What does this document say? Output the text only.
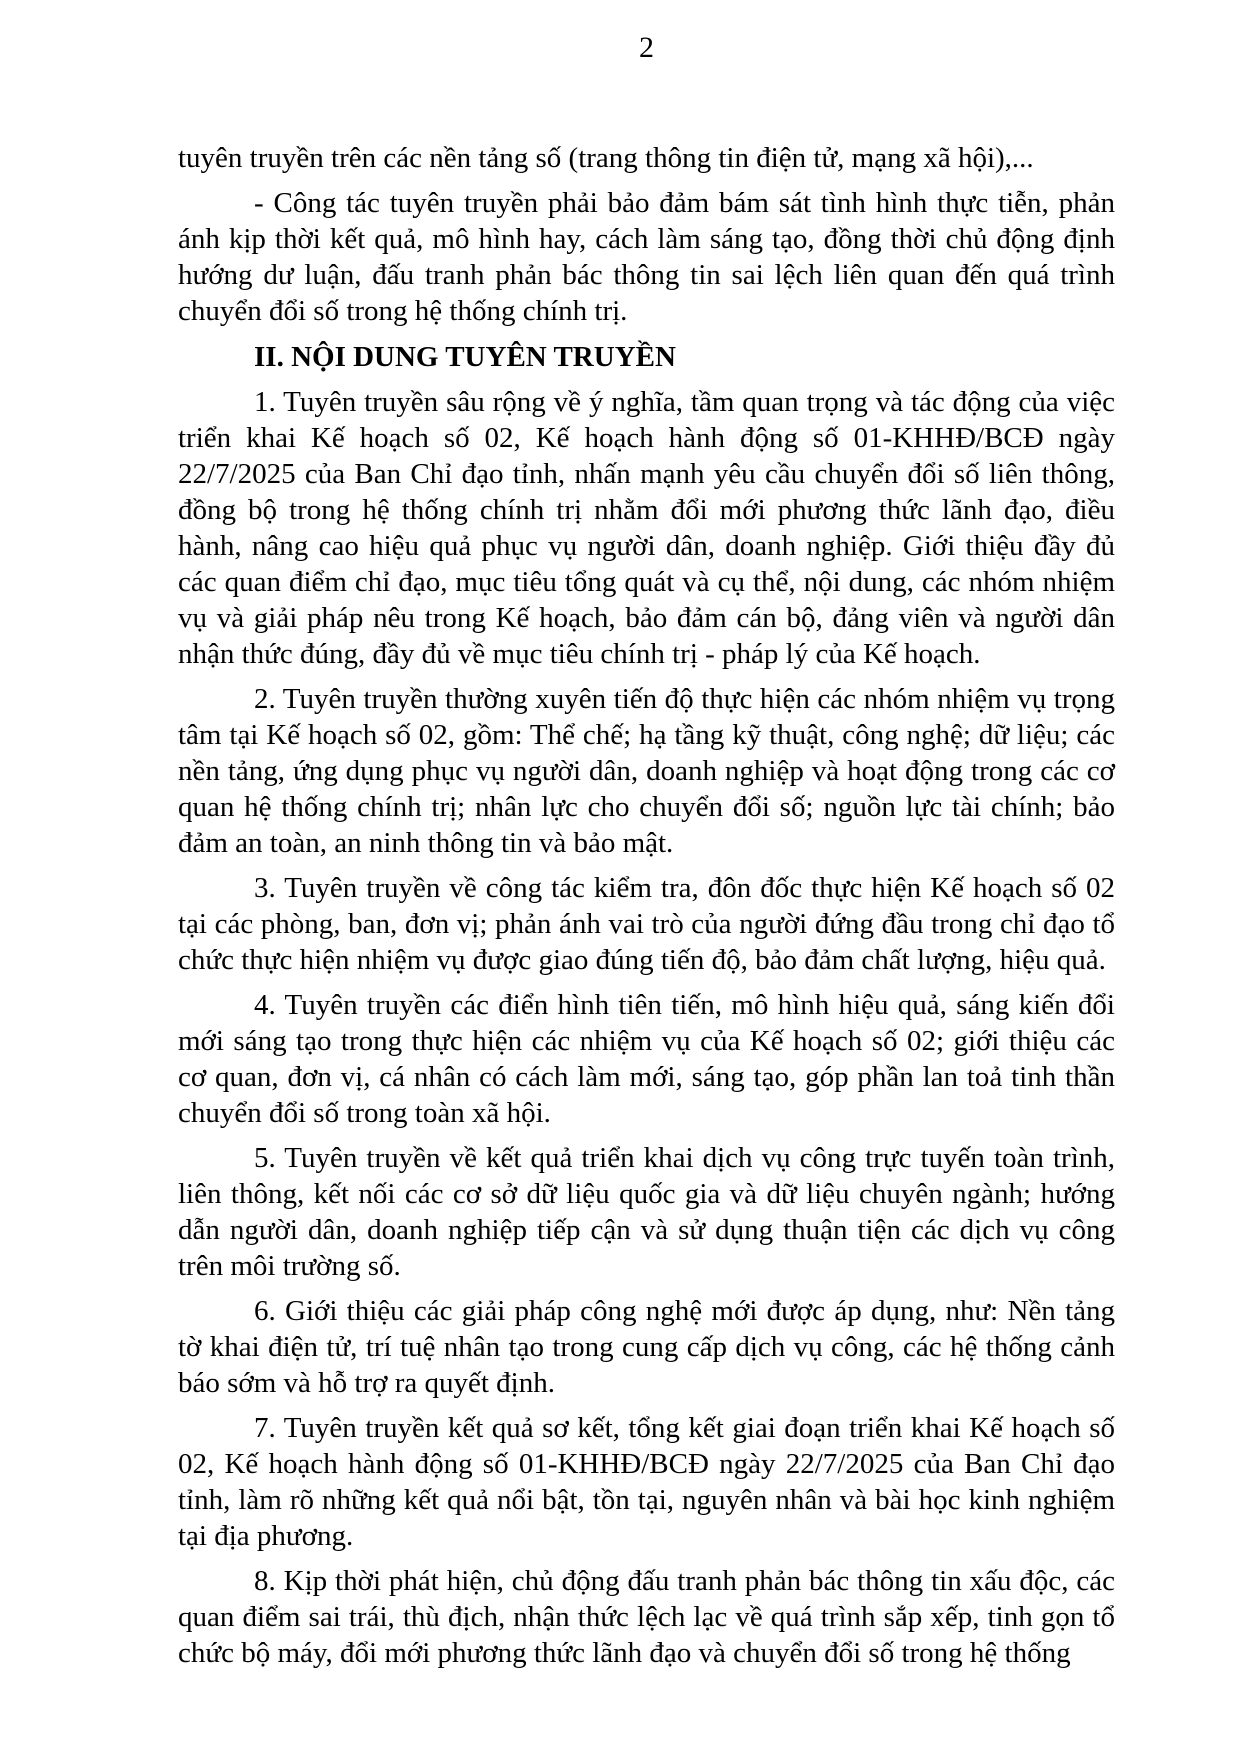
2

tuyên truyền trên các nền tảng số (trang thông tin điện tử, mạng xã hội),...

- Công tác tuyên truyền phải bảo đảm bám sát tình hình thực tiễn, phản ánh kịp thời kết quả, mô hình hay, cách làm sáng tạo, đồng thời chủ động định hướng dư luận, đấu tranh phản bác thông tin sai lệch liên quan đến quá trình chuyển đổi số trong hệ thống chính trị.

II. NỘI DUNG TUYÊN TRUYỀN

1. Tuyên truyền sâu rộng về ý nghĩa, tầm quan trọng và tác động của việc triển khai Kế hoạch số 02, Kế hoạch hành động số 01-KHHĐ/BCĐ ngày 22/7/2025 của Ban Chỉ đạo tỉnh, nhấn mạnh yêu cầu chuyển đổi số liên thông, đồng bộ trong hệ thống chính trị nhằm đổi mới phương thức lãnh đạo, điều hành, nâng cao hiệu quả phục vụ người dân, doanh nghiệp. Giới thiệu đầy đủ các quan điểm chỉ đạo, mục tiêu tổng quát và cụ thể, nội dung, các nhóm nhiệm vụ và giải pháp nêu trong Kế hoạch, bảo đảm cán bộ, đảng viên và người dân nhận thức đúng, đầy đủ về mục tiêu chính trị - pháp lý của Kế hoạch.

2. Tuyên truyền thường xuyên tiến độ thực hiện các nhóm nhiệm vụ trọng tâm tại Kế hoạch số 02, gồm: Thể chế; hạ tầng kỹ thuật, công nghệ; dữ liệu; các nền tảng, ứng dụng phục vụ người dân, doanh nghiệp và hoạt động trong các cơ quan hệ thống chính trị; nhân lực cho chuyển đổi số; nguồn lực tài chính; bảo đảm an toàn, an ninh thông tin và bảo mật.

3. Tuyên truyền về công tác kiểm tra, đôn đốc thực hiện Kế hoạch số 02 tại các phòng, ban, đơn vị; phản ánh vai trò của người đứng đầu trong chỉ đạo tổ chức thực hiện nhiệm vụ được giao đúng tiến độ, bảo đảm chất lượng, hiệu quả.

4. Tuyên truyền các điển hình tiên tiến, mô hình hiệu quả, sáng kiến đổi mới sáng tạo trong thực hiện các nhiệm vụ của Kế hoạch số 02; giới thiệu các cơ quan, đơn vị, cá nhân có cách làm mới, sáng tạo, góp phần lan toả tinh thần chuyển đổi số trong toàn xã hội.

5. Tuyên truyền về kết quả triển khai dịch vụ công trực tuyến toàn trình, liên thông, kết nối các cơ sở dữ liệu quốc gia và dữ liệu chuyên ngành; hướng dẫn người dân, doanh nghiệp tiếp cận và sử dụng thuận tiện các dịch vụ công trên môi trường số.

6. Giới thiệu các giải pháp công nghệ mới được áp dụng, như: Nền tảng tờ khai điện tử, trí tuệ nhân tạo trong cung cấp dịch vụ công, các hệ thống cảnh báo sớm và hỗ trợ ra quyết định.

7. Tuyên truyền kết quả sơ kết, tổng kết giai đoạn triển khai Kế hoạch số 02, Kế hoạch hành động số 01-KHHĐ/BCĐ ngày 22/7/2025 của Ban Chỉ đạo tỉnh, làm rõ những kết quả nổi bật, tồn tại, nguyên nhân và bài học kinh nghiệm tại địa phương.

8. Kịp thời phát hiện, chủ động đấu tranh phản bác thông tin xấu độc, các quan điểm sai trái, thù địch, nhận thức lệch lạc về quá trình sắp xếp, tinh gọn tổ chức bộ máy, đổi mới phương thức lãnh đạo và chuyển đổi số trong hệ thống
